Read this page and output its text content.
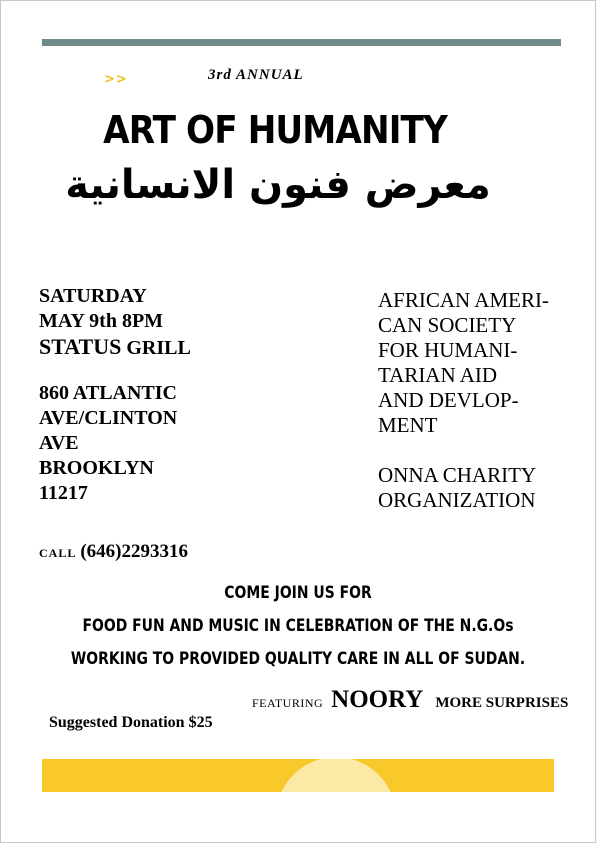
>>	3rd ANNUAL
ART OF HUMANITY
معرض فنون الانسانية
SATURDAY
MAY 9th 8PM
STATUS GRILL
860 ATLANTIC
AVE/CLINTON
AVE
BROOKLYN
11217
AFRICAN AMERI-
CAN SOCIETY
FOR HUMANI-
TARIAN AID
AND DEVLOP-
MENT
ONNA CHARITY
ORGANIZATION
CALL (646)2293316
COME JOIN US FOR
FOOD FUN AND MUSIC IN CELEBRATION OF THE N.G.Os
WORKING TO PROVIDED QUALITY CARE IN ALL OF SUDAN.
FEATURING NOORY MORE SURPRISES
Suggested Donation $25
